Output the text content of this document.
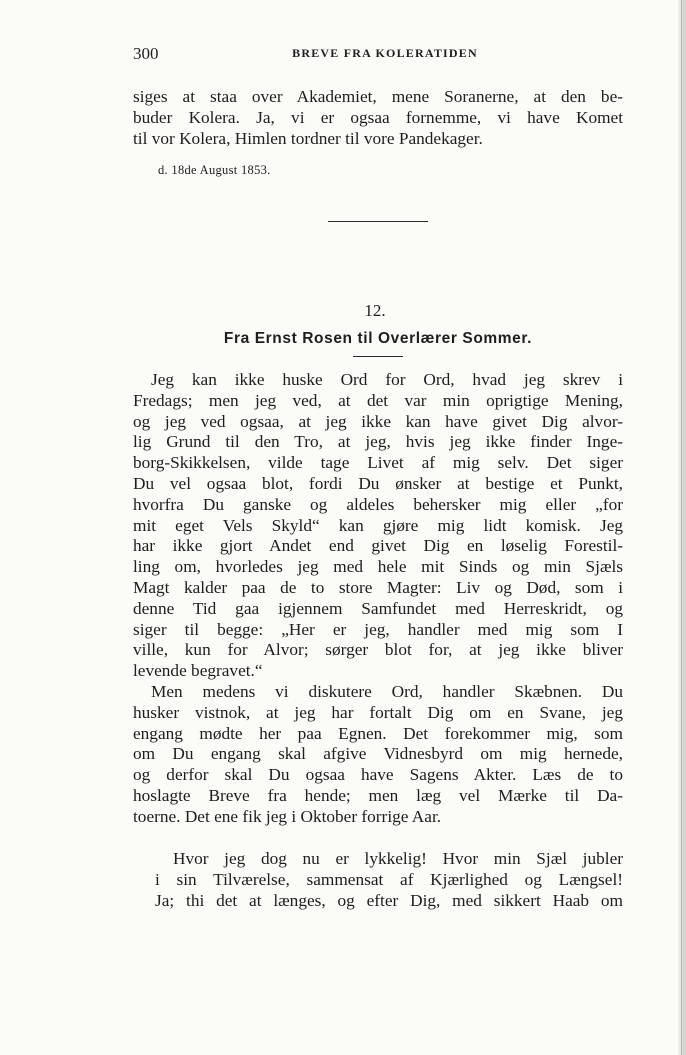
300	BREVE FRA KOLERATIDEN
siges at staa over Akademiet, mene Soranerne, at den be-
buder Kolera. Ja, vi er ogsaa fornemme, vi have Komet
til vor Kolera, Himlen tordner til vore Pandekager.
d. 18de August 1853.
12.
Fra Ernst Rosen til Overlærer Sommer.
Jeg kan ikke huske Ord for Ord, hvad jeg skrev i
Fredags; men jeg ved, at det var min oprigtige Mening,
og jeg ved ogsaa, at jeg ikke kan have givet Dig alvor-
lig Grund til den Tro, at jeg, hvis jeg ikke finder Inge-
borg-Skikkelsen, vilde tage Livet af mig selv. Det siger
Du vel ogsaa blot, fordi Du ønsker at bestige et Punkt,
hvorfra Du ganske og aldeles behersker mig eller „for
mit eget Vels Skyld“ kan gjøre mig lidt komisk. Jeg
har ikke gjort Andet end givet Dig en løselig Forestil-
ling om, hvorledes jeg med hele mit Sinds og min Sjæls
Magt kalder paa de to store Magter: Liv og Død, som i
denne Tid gaa igjennem Samfundet med Herreskridt, og
siger til begge: „Her er jeg, handler med mig som I
ville, kun for Alvor; sørger blot for, at jeg ikke bliver
levende begravet.“
Men medens vi diskutere Ord, handler Skæbnen. Du
husker vistnok, at jeg har fortalt Dig om en Svane, jeg
engang mødte her paa Egnen. Det forekommer mig, som
om Du engang skal afgive Vidnesbyrd om mig hernede,
og derfor skal Du ogsaa have Sagens Akter. Læs de to
hoslagte Breve fra hende; men læg vel Mærke til Da-
toerne. Det ene fik jeg i Oktober forrige Aar.
Hvor jeg dog nu er lykkelig! Hvor min Sjæl jubler
i sin Tilværelse, sammensat af Kjærlighed og Længsel!
Ja; thi det at længes, og efter Dig, med sikkert Haab om
